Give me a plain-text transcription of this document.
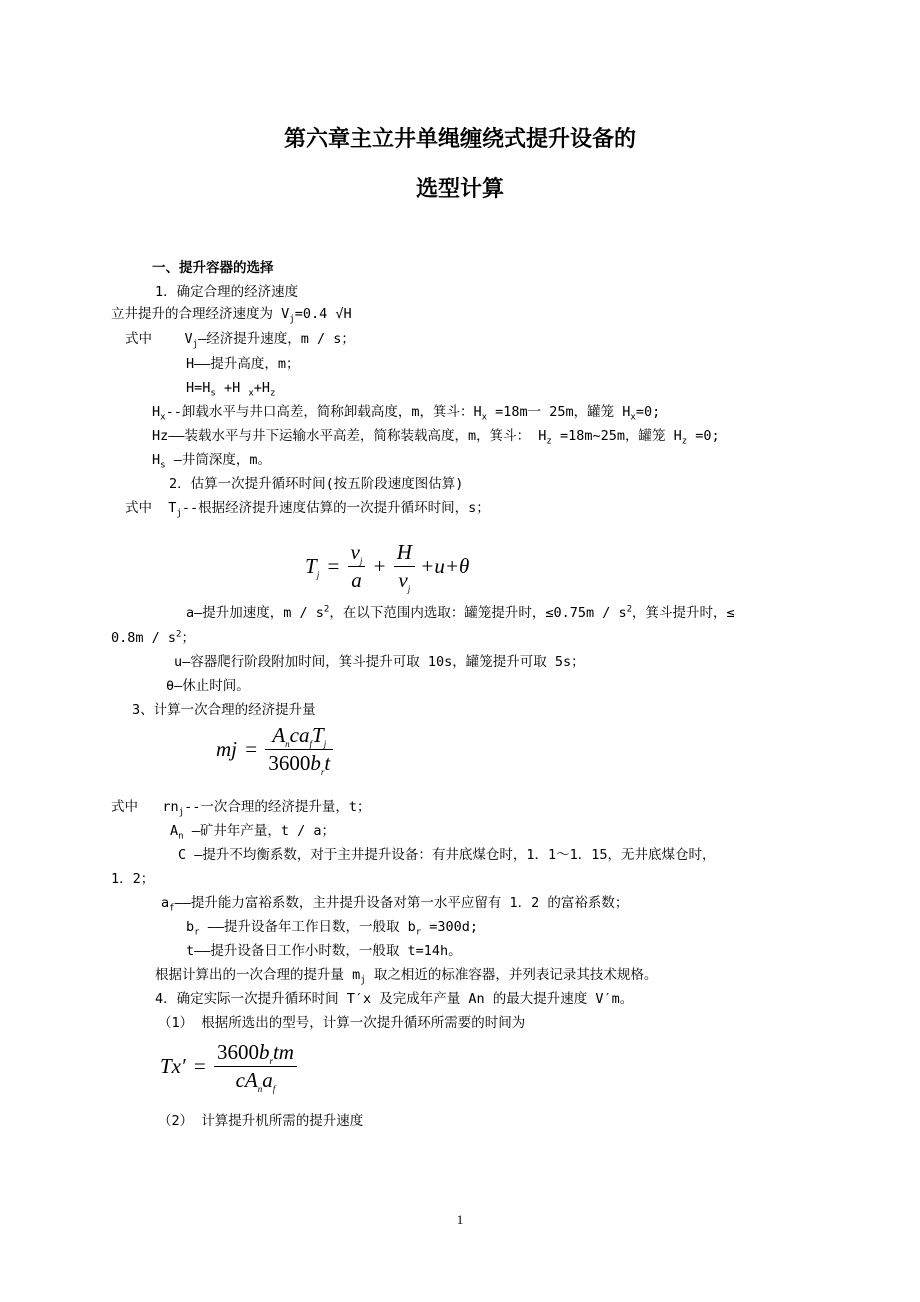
第六章主立井单绳缠绕式提升设备的
选型计算
一、提升容器的选择
1．确定合理的经济速度
立井提升的合理经济速度为 $V_j=0.4$ √H
式中 $V_j—$经济提升速度，m / s；
H——提升高度，m；
$H=H_s +H$ $_x+H_z$
$H_x--$卸载水平与井口高差，简称卸载高度，m，箕斗：$H_x =18m$一 25m，罐笼 $H_x=0$;
Hz——装载水平与井下运输水平高差，简称装载高度，m，箕斗： $H_z$ =18m~25m，罐笼 $H_z =0$;
$H_s$ —井筒深度，m。
2．估算一次提升循环时间(按五阶段速度图估算)
式中 $T_j--$根据经济提升速度估算的一次提升循环时间，s；
$T_j = \frac{v_j}{a} + \frac{H}{v_j} +u+\theta$
a—提升加速度，m / $s^2$，在以下范围内选取：罐笼提升时，$\le 0.75m / s^2$，箕斗提升时，≤
$0.8m / s^2$；
u—容器爬行阶段附加时间，箕斗提升可取 10s，罐笼提升可取 5s；
θ—休止时间。
3、计算一次合理的经济提升量
mj = $\frac{A_nca_fT_j}{3600b_rt}$
式中 $rn_j--$一次合理的经济提升量，t；
$A_n$ —矿井年产量，t / a；
C —提升不均衡系数，对于主井提升设备：有井底煤仓时，1．1～1．15，无井底煤仓时，
1．2；
$a_f——$提升能力富裕系数，主井提升设备对第一水平应留有 1．2 的富裕系数；
$b_r$ ——提升设备年工作日数，一般取 $b_r =300d$;
t——提升设备日工作小时数，一般取 t=14h。
根据计算出的一次合理的提升量 $m_j$ 取之相近的标准容器，并列表记录其技术规格。
4．确定实际一次提升循环时间 T′x 及完成年产量 An 的最大提升速度 V′m。
（1） 根据所选出的型号，计算一次提升循环所需要的时间为
$Tx' = \frac{3600b_rtm}{cA_na_f}$
（2） 计算提升机所需的提升速度
1
